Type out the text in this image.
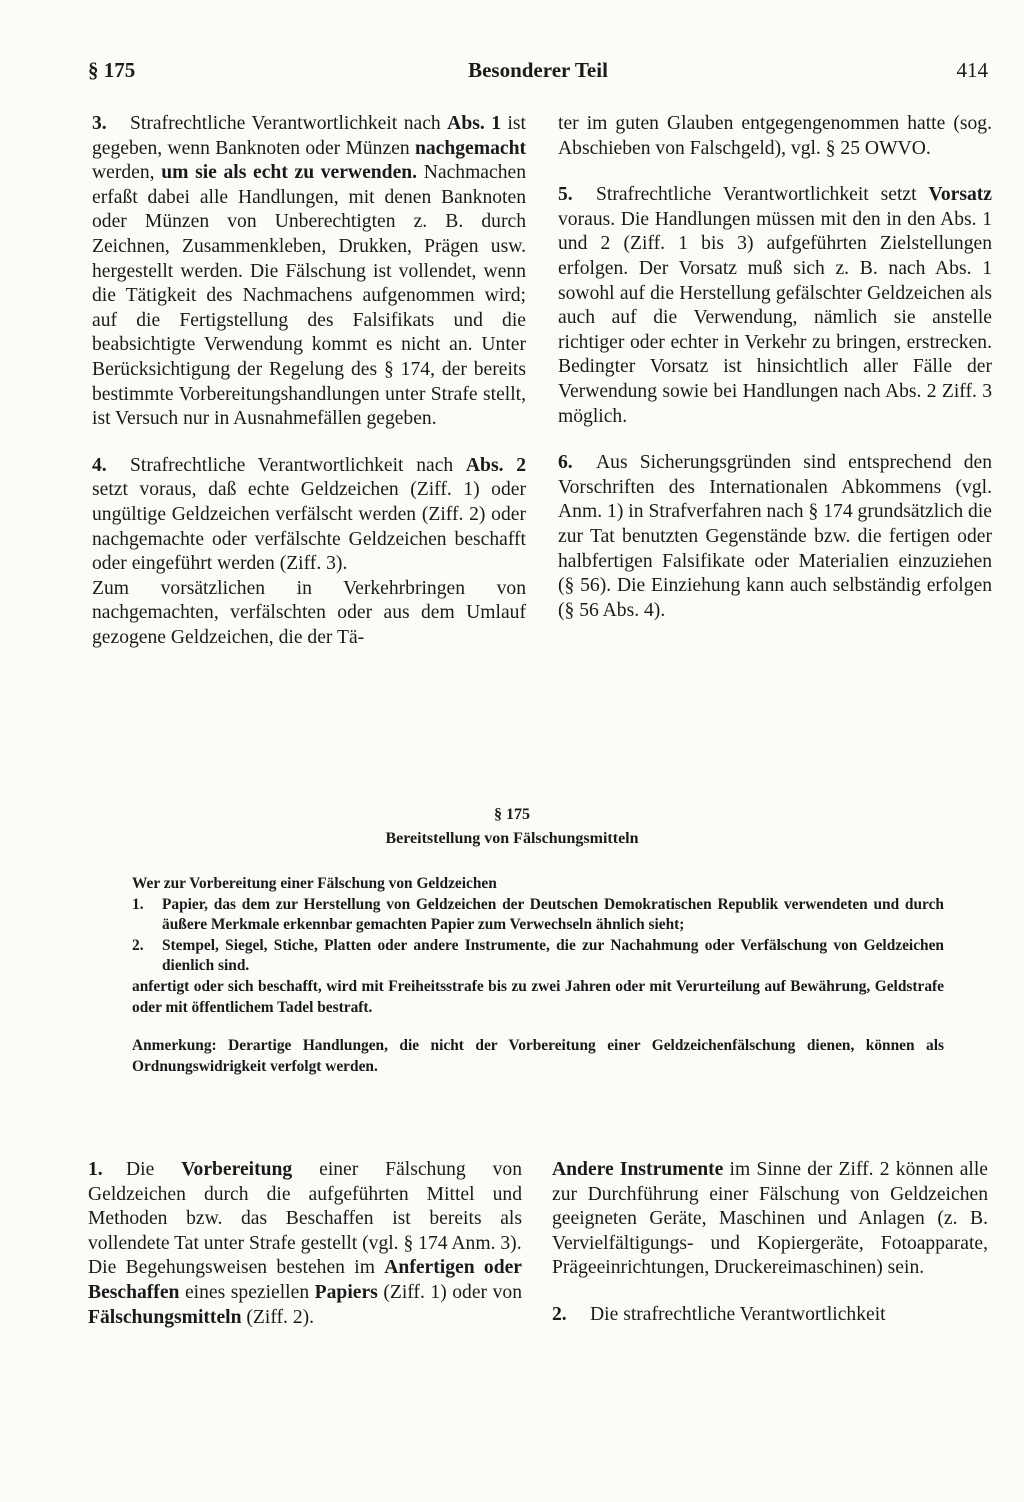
Besonderer Teil
§ 175	414

3. Strafrechtliche Verantwortlichkeit nach Abs. 1 ist gegeben, wenn Banknoten oder Münzen nachgemacht werden, um sie als echt zu verwenden. Nachmachen erfaßt dabei alle Handlungen, mit denen Banknoten oder Münzen von Unberechtigten z. B. durch Zeichnen, Zusammenkleben, Drukken, Prägen usw. hergestellt werden. Die Fälschung ist vollendet, wenn die Tätigkeit des Nachmachens aufgenommen wird; auf die Fertigstellung des Falsifikats und die beabsichtigte Verwendung kommt es nicht an. Unter Berücksichtigung der Regelung des § 174, der bereits bestimmte Vorbereitungshandlungen unter Strafe stellt, ist Versuch nur in Ausnahmefällen gegeben.

4. Strafrechtliche Verantwortlichkeit nach Abs. 2 setzt voraus, daß echte Geldzeichen (Ziff. 1) oder ungültige Geldzeichen verfälscht werden (Ziff. 2) oder nachgemachte oder verfälschte Geldzeichen beschafft oder eingeführt werden (Ziff. 3).

Zum vorsätzlichen in Verkehrbringen von nachgemachten, verfälschten oder aus dem Umlauf gezogene Geldzeichen, die der Tä-

ter im guten Glauben entgegengenommen hatte (sog. Abschieben von Falschgeld), vgl. § 25 OWVO.

5. Strafrechtliche Verantwortlichkeit setzt Vorsatz voraus. Die Handlungen müssen mit den in den Abs. 1 und 2 (Ziff. 1 bis 3) aufgeführten Zielstellungen erfolgen. Der Vorsatz muß sich z. B. nach Abs. 1 sowohl auf die Herstellung gefälschter Geldzeichen als auch auf die Verwendung, nämlich sie anstelle richtiger oder echter in Verkehr zu bringen, erstrecken. Bedingter Vorsatz ist hinsichtlich aller Fälle der Verwendung sowie bei Handlungen nach Abs. 2 Ziff. 3 möglich.

6. Aus Sicherungsgründen sind entsprechend den Vorschriften des Internationalen Abkommens (vgl. Anm. 1) in Strafverfahren nach § 174 grundsätzlich die zur Tat benutzten Gegenstände bzw. die fertigen oder halbfertigen Falsifikate oder Materialien einzuziehen (§ 56). Die Einziehung kann auch selbständig erfolgen (§ 56 Abs. 4).

§ 175
Bereitstellung von Fälschungsmitteln

Wer zur Vorbereitung einer Fälschung von Geldzeichen

1. Papier, das dem zur Herstellung von Geldzeichen der Deutschen Demokratischen Republik verwendeten und durch äußere Merkmale erkennbar gemachten Papier zum Verwechseln ähnlich sieht;

2. Stempel, Siegel, Stiche, Platten oder andere Instrumente, die zur Nachahmung oder Verfälschung von Geldzeichen dienlich sind.

anfertigt oder sich beschafft, wird mit Freiheitsstrafe bis zu zwei Jahren oder mit Verurteilung auf Bewährung, Geldstrafe oder mit öffentlichem Tadel bestraft.

Anmerkung: Derartige Handlungen, die nicht der Vorbereitung einer Geldzeichenfälschung dienen, können als Ordnungswidrigkeit verfolgt werden.

1. Die Vorbereitung einer Fälschung von Geldzeichen durch die aufgeführten Mittel und Methoden bzw. das Beschaffen ist bereits als vollendete Tat unter Strafe gestellt (vgl. § 174 Anm. 3).

Die Begehungsweisen bestehen im Anfertigen oder Beschaffen eines speziellen Papiers (Ziff. 1) oder von Fälschungsmitteln (Ziff. 2).

Andere Instrumente im Sinne der Ziff. 2 können alle zur Durchführung einer Fälschung von Geldzeichen geeigneten Geräte, Maschinen und Anlagen (z. B. Vervielfältigungs- und Kopiergeräte, Fotoapparate, Prägeeinrichtungen, Druckereimaschinen) sein.

2. Die strafrechtliche Verantwortlichkeit
